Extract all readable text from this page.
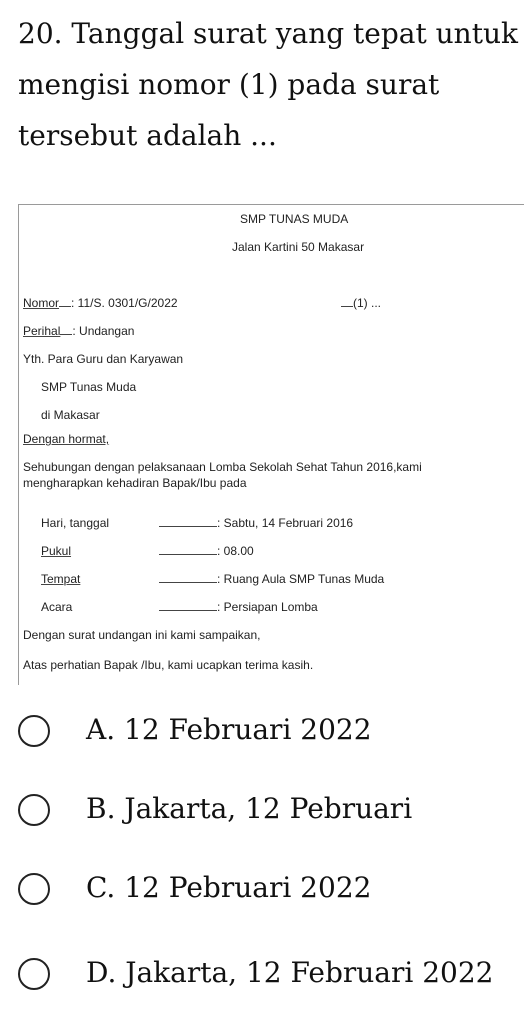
20. Tanggal surat yang tepat untuk mengisi nomor (1) pada surat tersebut adalah ...
SMP TUNAS MUDA
Jalan Kartini 50 Makasar
Nomor : 11/S. 0301/G/2022	(1) ...
Perihal : Undangan
Yth. Para Guru dan Karyawan
SMP Tunas Muda
di Makasar
Dengan hormat,
Sehubungan dengan pelaksanaan Lomba Sekolah Sehat Tahun 2016,kami
mengharapkan kehadiran Bapak/Ibu pada
Hari, tanggal	: Sabtu, 14 Februari 2016
Pukul	: 08.00
Tempat	: Ruang Aula SMP Tunas Muda
Acara	: Persiapan Lomba
Dengan surat undangan ini kami sampaikan,
Atas perhatian Bapak /Ibu, kami ucapkan terima kasih.
A. 12 Februari 2022
B. Jakarta, 12 Pebruari
C. 12 Pebruari 2022
D. Jakarta, 12 Februari 2022
